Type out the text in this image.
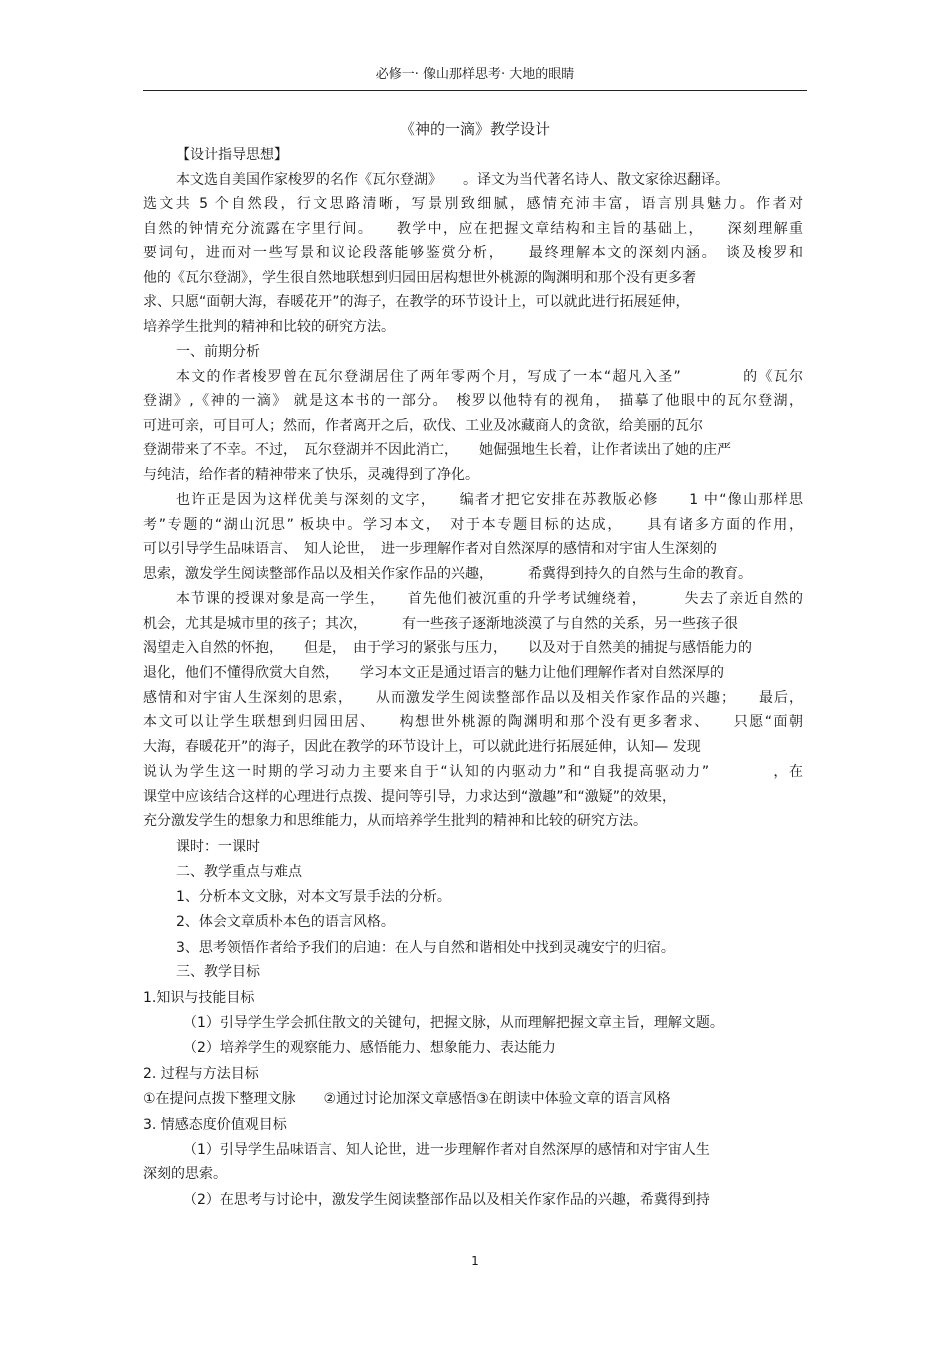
必修一· 像山那样思考· 大地的眼睛
《神的一滴》教学设计
【设计指导思想】
本文选自美国作家梭罗的名作《瓦尔登湖》　　。译文为当代著名诗人、散文家徐迟翻译。
选文共 5 个自然段，行文思路清晰，写景別致细腻，感情充沛丰富，语言別具魅力。作者对
自然的钟情充分流露在字里行间。　　教学中，应在把握文章结构和主旨的基础上，　　深刻理解重
要词句，进而对一些写景和议论段落能够鉴赏分析，　　最终理解本文的深刻内涵。　谈及梭罗和
他的《瓦尔登湖》，学生很自然地联想到归园田居构想世外桃源的陶渊明和那个没有更多奢
求、只愿“面朝大海，春暖花开”的海子，在教学的环节设计上，可以就此进行拓展延伸，
培养学生批判的精神和比较的研究方法。
一、前期分析
本文的作者梭罗曾在瓦尔登湖居住了两年零两个月，写成了一本“超凡入圣”　　　　的《瓦尔
登湖》,《神的一滴》 就是这本书的一部分。　梭罗以他特有的视角，　描摹了他眼中的瓦尔登湖，
可进可亲，可目可人；然而，作者离开之后，砍伐、工业及冰藏商人的贪欲，给美丽的瓦尔
登湖带来了不幸。不过，　瓦尔登湖并不因此消亡，　　她倔强地生长着，让作者读出了她的庄严
与纯洁，给作者的精神带来了快乐，灵魂得到了净化。
也许正是因为这样优美与深刻的文字，　　编者才把它安排在苏教版必修　　1 中“像山那样思
考”专题的“湖山沉思” 板块中。学习本文，　对于本专题目标的达成，　　具有诸多方面的作用，
可以引导学生品味语言、　知人论世，　进一步理解作者对自然深厚的感情和对宇宙人生深刻的
思索，激发学生阅读整部作品以及相关作家作品的兴趣，　　　希冀得到持久的自然与生命的教育。
本节课的授课对象是高一学生，　　首先他们被沉重的升学考试缠绕着，　　　失去了亲近自然的
机会，尤其是城市里的孩子；其次，　　　有一些孩子逐渐地淡漠了与自然的关系，另一些孩子很
渴望走入自然的怀抱，　　但是，　由于学习的紧张与压力，　　以及对于自然美的捕捉与感悟能力的
退化，他们不懂得欣赏大自然，　　学习本文正是通过语言的魅力让他们理解作者对自然深厚的
感情和对宇宙人生深刻的思索，　　从而激发学生阅读整部作品以及相关作家作品的兴趣；　　最后，
本文可以让学生联想到归园田居、　　构想世外桃源的陶渊明和那个没有更多奢求、　　只愿“面朝
大海，春暖花开”的海子，因此在教学的环节设计上，可以就此进行拓展延伸，认知— 发现
说认为学生这一时期的学习动力主要来自于“认知的内驱动力”和“自我提高驱动力”　　　　，在
课堂中应该结合这样的心理进行点拨、提问等引导，力求达到“激趣”和“激疑”的效果，
充分激发学生的想象力和思维能力，从而培养学生批判的精神和比较的研究方法。
课时：一课时
二、教学重点与难点
1、分析本文文脉，对本文写景手法的分析。
2、体会文章质朴本色的语言风格。
3、思考领悟作者给予我们的启迪：在人与自然和谐相处中找到灵魂安宁的归宿。
三、教学目标
1.知识与技能目标
（1）引导学生学会抓住散文的关键句，把握文脉，从而理解把握文章主旨，理解文题。
（2）培养学生的观察能力、感悟能力、想象能力、表达能力
2. 过程与方法目标
①在提问点拨下整理文脉　　②通过讨论加深文章感悟③在朗读中体验文章的语言风格
3. 情感态度价值观目标
（1）引导学生品味语言、知人论世，进一步理解作者对自然深厚的感情和对宇宙人生
深刻的思索。
（2）在思考与讨论中，激发学生阅读整部作品以及相关作家作品的兴趣，希冀得到持
1
